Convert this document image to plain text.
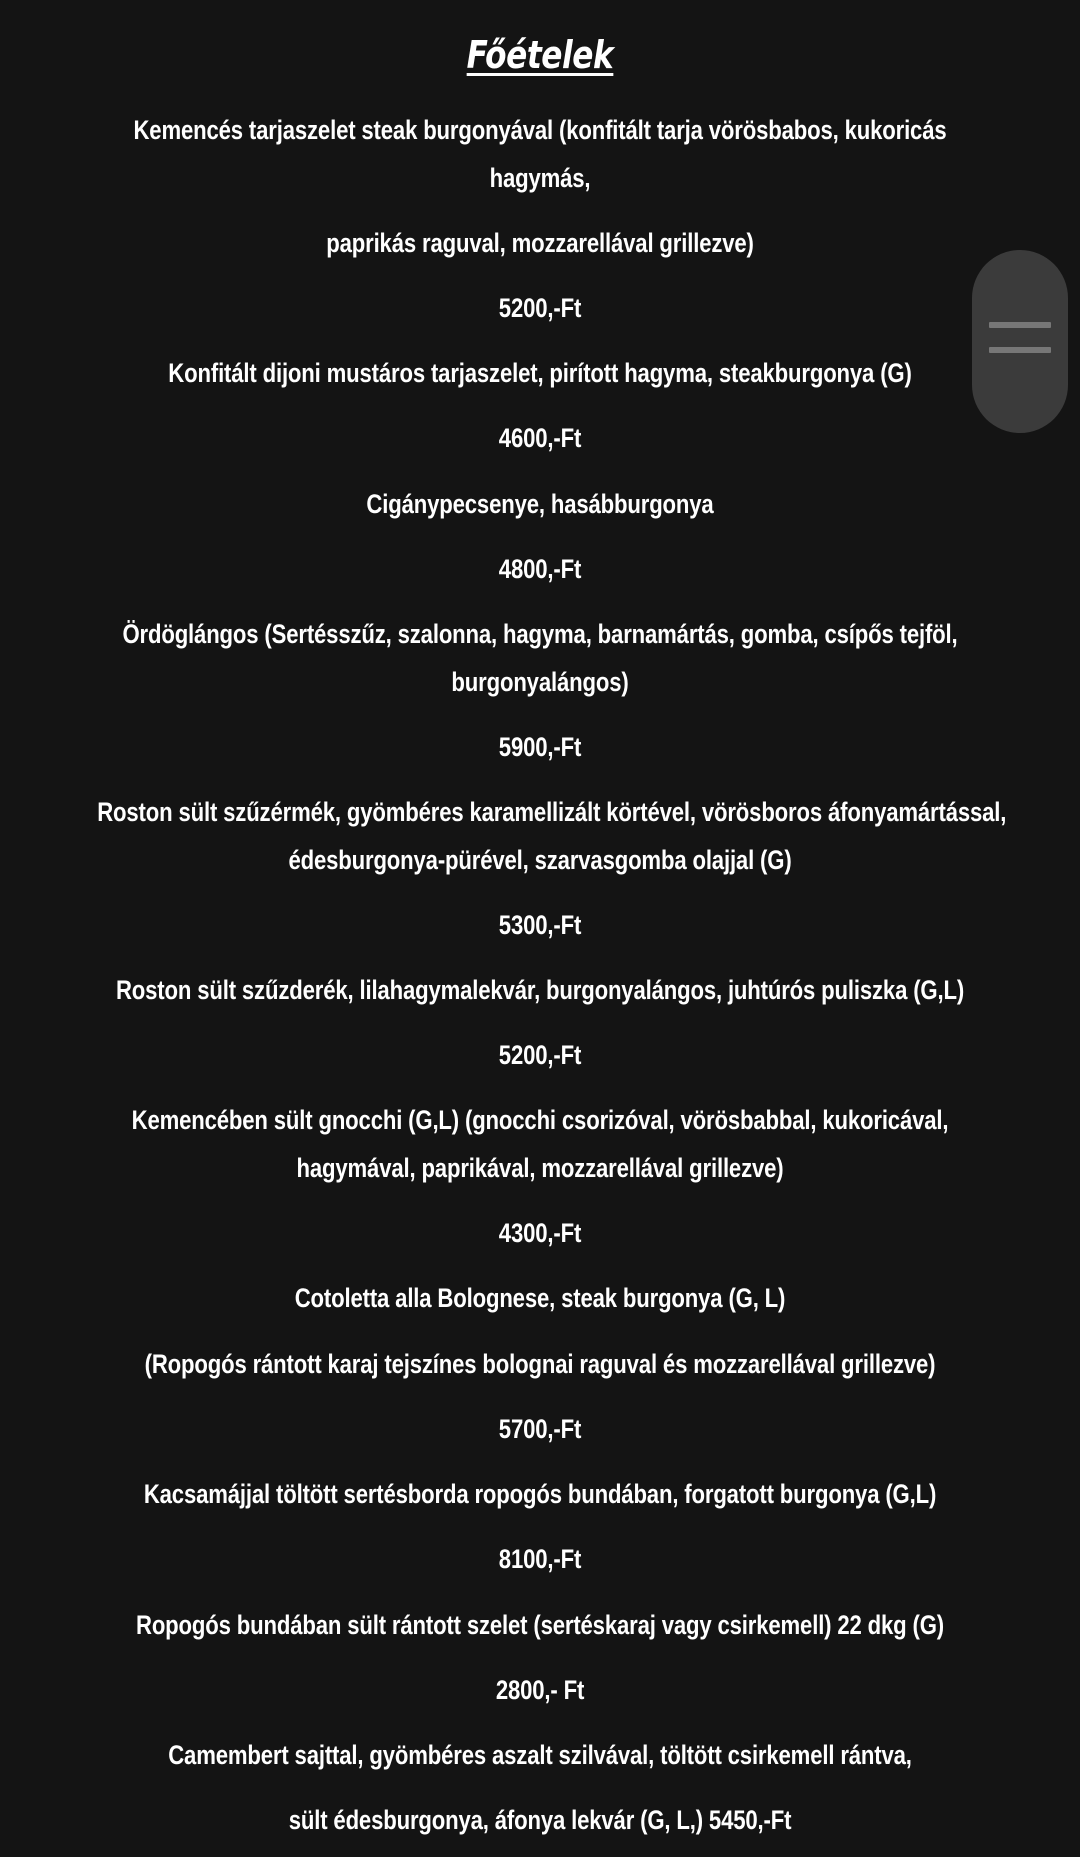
Főételek

Kemencés tarjaszelet steak burgonyával (konfitált tarja vörösbabos, kukoricás

hagymás,

paprikás raguval, mozzarellával grillezve)

5200,-Ft

Konfitált dijoni mustáros tarjaszelet, pirított hagyma, steakburgonya (G)

4600,-Ft

Cigánypecsenye, hasábburgonya

4800,-Ft

Ördöglángos (Sertésszűz, szalonna, hagyma, barnamártás, gomba, csípős tejföl,

burgonyalángos)

5900,-Ft

Roston sült szűzérmék, gyömbéres karamellizált körtével, vörösboros áfonyamártással,

édesburgonya-pürével, szarvasgomba olajjal (G)

5300,-Ft

Roston sült szűzderék, lilahagymalekvár, burgonyalángos, juhtúrós puliszka (G,L)

5200,-Ft

Kemencében sült gnocchi (G,L) (gnocchi csorizóval, vörösbabbal, kukoricával,

hagymával, paprikával, mozzarellával grillezve)

4300,-Ft

Cotoletta alla Bolognese, steak burgonya (G, L)

(Ropogós rántott karaj tejszínes bolognai raguval és mozzarellával grillezve)

5700,-Ft

Kacsamájjal töltött sertésborda ropogós bundában, forgatott burgonya (G,L)

8100,-Ft

Ropogós bundában sült rántott szelet (sertéskaraj vagy csirkemell) 22 dkg (G)

2800,- Ft

Camembert sajttal, gyömbéres aszalt szilvával, töltött csirkemell rántva,

sült édesburgonya, áfonya lekvár (G, L,) 5450,-Ft
